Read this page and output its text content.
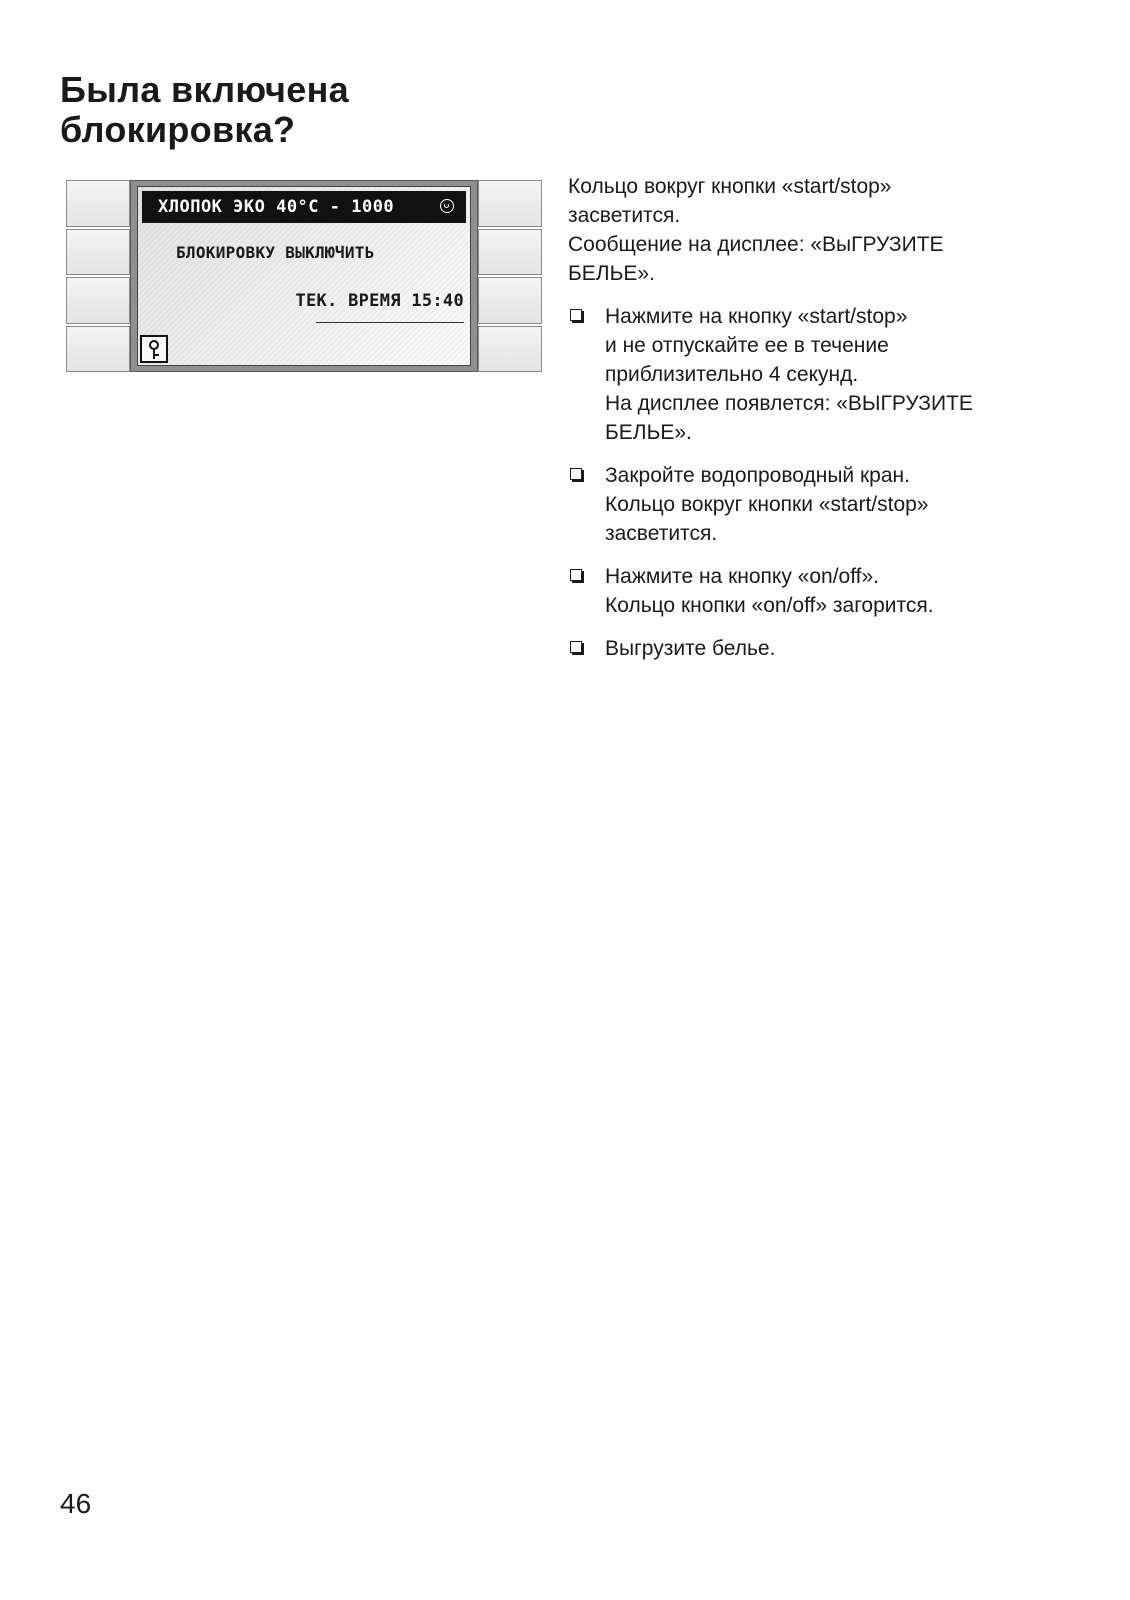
Была включена
блокировка?
ХЛОПОК ЭКО 40°С - 1000
БЛОКИРОВКУ ВЫКЛЮЧИТЬ
ТЕК. ВРЕМЯ 15:40

Кольцо вокруг кнопки «start/stop»

засветится.

Сообщение на дисплее: «ВыГРУЗИТЕ

БЕЛЬЕ».

Нажмите на кнопку «start/stop»

и не отпускайте ее в течение

приблизительно 4 секунд.

На дисплее появлется: «ВЫГРУЗИТЕ

БЕЛЬЕ».

Закройте водопроводный кран.

Кольцо вокруг кнопки «start/stop»

засветится.

Нажмите на кнопку «on/off».

Кольцо кнопки «on/off» загорится.

Выгрузите белье.

46
